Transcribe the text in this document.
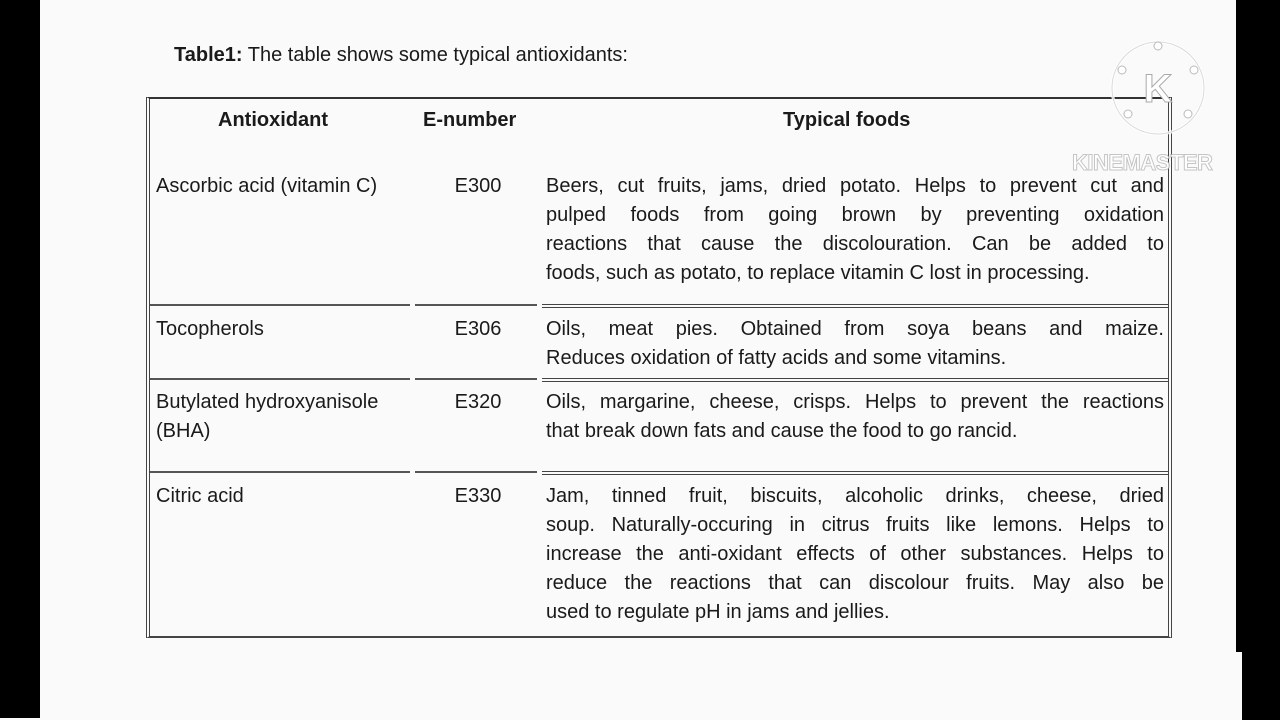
Table1: The table shows some typical antioxidants:
Antioxidant	E-number	Typical foods
Ascorbic acid (vitamin C)	E300	Beers, cut fruits, jams, dried potato. Helps to prevent cut and
pulped foods from going brown by preventing oxidation
reactions that cause the discolouration. Can be added to
foods, such as potato, to replace vitamin C lost in processing.
Tocopherols	E306	Oils, meat pies. Obtained from soya beans and maize.
Reduces oxidation of fatty acids and some vitamins.
Butylated hydroxyanisole
(BHA)
E320	Oils, margarine, cheese, crisps. Helps to prevent the reactions
that break down fats and cause the food to go rancid.
Citric acid	E330	Jam, tinned fruit, biscuits, alcoholic drinks, cheese, dried
soup. Naturally-occuring in citrus fruits like lemons. Helps to
increase the anti-oxidant effects of other substances. Helps to
reduce the reactions that can discolour fruits. May also be
used to regulate pH in jams and jellies.
K
KINEMASTER
